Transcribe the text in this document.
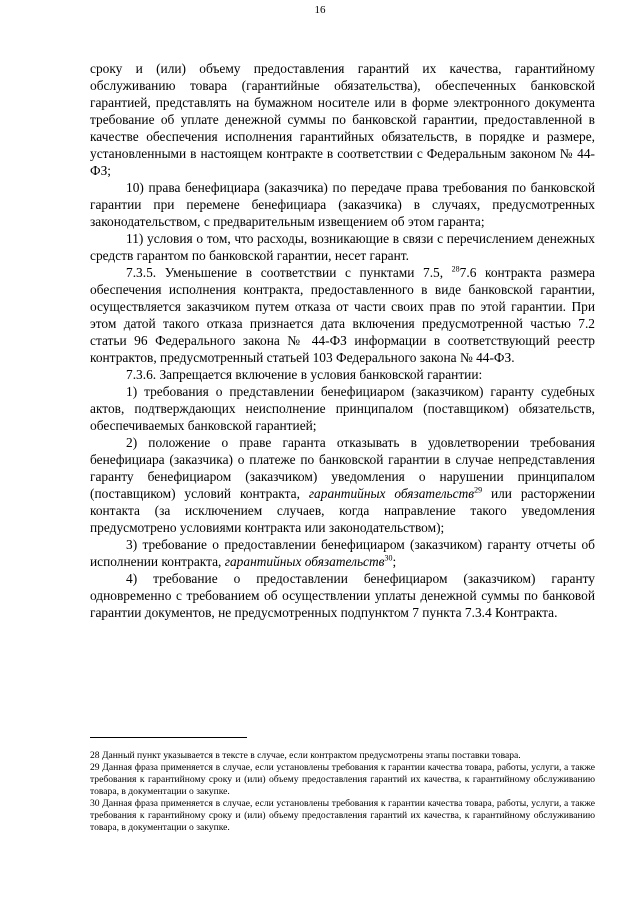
16

сроку и (или) объему предоставления гарантий их качества, гарантийному обслуживанию товара (гарантийные обязательства), обеспеченных банковской гарантией, представлять на бумажном носителе или в форме электронного документа требование об уплате денежной суммы по банковской гарантии, предоставленной в качестве обеспечения исполнения гарантийных обязательств, в порядке и размере, установленными в настоящем контракте в соответствии с Федеральным законом № 44-ФЗ;

10) права бенефициара (заказчика) по передаче права требования по банковской гарантии при перемене бенефициара (заказчика) в случаях, предусмотренных законодательством, с предварительным извещением об этом гаранта;

11) условия о том, что расходы, возникающие в связи с перечислением денежных средств гарантом по банковской гарантии, несет гарант.

7.3.5. Уменьшение в соответствии с пунктами 7.5, $^{28}$7.6 контракта размера обеспечения исполнения контракта, предоставленного в виде банковской гарантии, осуществляется заказчиком путем отказа от части своих прав по этой гарантии. При этом датой такого отказа признается дата включения предусмотренной частью 7.2 статьи 96 Федерального закона № 44-ФЗ информации в соответствующий реестр контрактов, предусмотренный статьей 103 Федерального закона № 44-ФЗ.

7.3.6. Запрещается включение в условия банковской гарантии:

1) требования о представлении бенефициаром (заказчиком) гаранту судебных актов, подтверждающих неисполнение принципалом (поставщиком) обязательств, обеспечиваемых банковской гарантией;

2) положение о праве гаранта отказывать в удовлетворении требования бенефициара (заказчика) о платеже по банковской гарантии в случае непредставления гаранту бенефициаром (заказчиком) уведомления о нарушении принципалом (поставщиком) условий контракта, гарантийных обязательств$^{29}$ или расторжении контакта (за исключением случаев, когда направление такого уведомления предусмотрено условиями контракта или законодательством);

3) требование о предоставлении бенефициаром (заказчиком) гаранту отчеты об исполнении контракта, гарантийных обязательств$^{30}$;

4) требование о предоставлении бенефициаром (заказчиком) гаранту одновременно с требованием об осуществлении уплаты денежной суммы по банковой гарантии документов, не предусмотренных подпунктом 7 пункта 7.3.4 Контракта.

28 Данный пункт указывается в тексте в случае, если контрактом предусмотрены этапы поставки товара.

29 Данная фраза применяется в случае, если установлены требования к гарантии качества товара, работы, услуги, а также требования к гарантийному сроку и (или) объему предоставления гарантий их качества, к гарантийному обслуживанию товара, в документации о закупке.

30 Данная фраза применяется в случае, если установлены требования к гарантии качества товара, работы, услуги, а также требования к гарантийному сроку и (или) объему предоставления гарантий их качества, к гарантийному обслуживанию товара, в документации о закупке.
